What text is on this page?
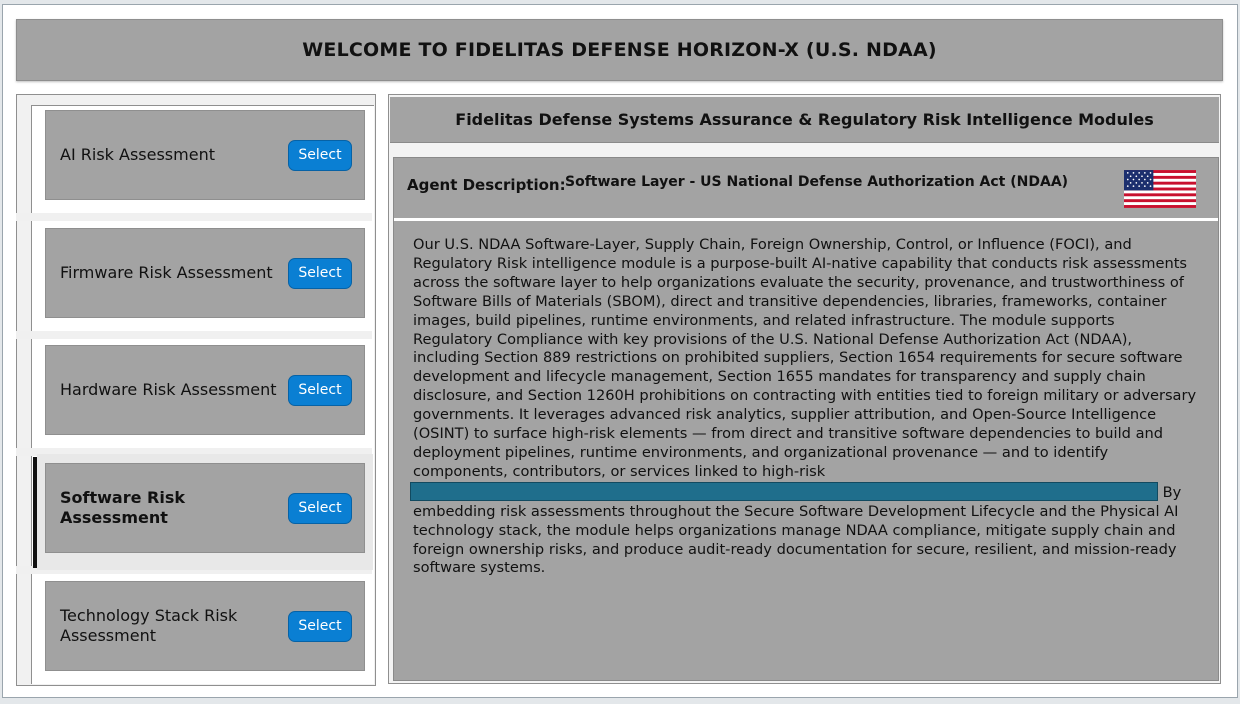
WELCOME TO FIDELITAS DEFENSE HORIZON-X (U.S. NDAA)
AI Risk Assessment	Select
Firmware Risk Assessment	Select
Hardware Risk Assessment	Select
Software Risk Assessment	Select
Technology Stack Risk Assessment	Select
Fidelitas Defense Systems Assurance & Regulatory Risk Intelligence Modules
Agent Description: Software Layer - US National Defense Authorization Act (NDAA)
Our U.S. NDAA Software-Layer, Supply Chain, Foreign Ownership, Control, or Influence (FOCI), and Regulatory Risk intelligence module is a purpose-built AI-native capability that conducts risk assessments across the software layer to help organizations evaluate the security, provenance, and trustworthiness of Software Bills of Materials (SBOM), direct and transitive dependencies, libraries, frameworks, container images, build pipelines, runtime environments, and related infrastructure. The module supports Regulatory Compliance with key provisions of the U.S. National Defense Authorization Act (NDAA), including Section 889 restrictions on prohibited suppliers, Section 1654 requirements for secure software development and lifecycle management, Section 1655 mandates for transparency and supply chain disclosure, and Section 1260H prohibitions on contracting with entities tied to foreign military or adversary governments. It leverages advanced risk analytics, supplier attribution, and Open-Source Intelligence (OSINT) to surface high-risk elements — from direct and transitive software dependencies to build and deployment pipelines, runtime environments, and organizational provenance — and to identify components, contributors, or services linked to high-risk  By embedding risk assessments throughout the Secure Software Development Lifecycle and the Physical AI technology stack, the module helps organizations manage NDAA compliance, mitigate supply chain and foreign ownership risks, and produce audit-ready documentation for secure, resilient, and mission-ready software systems.
